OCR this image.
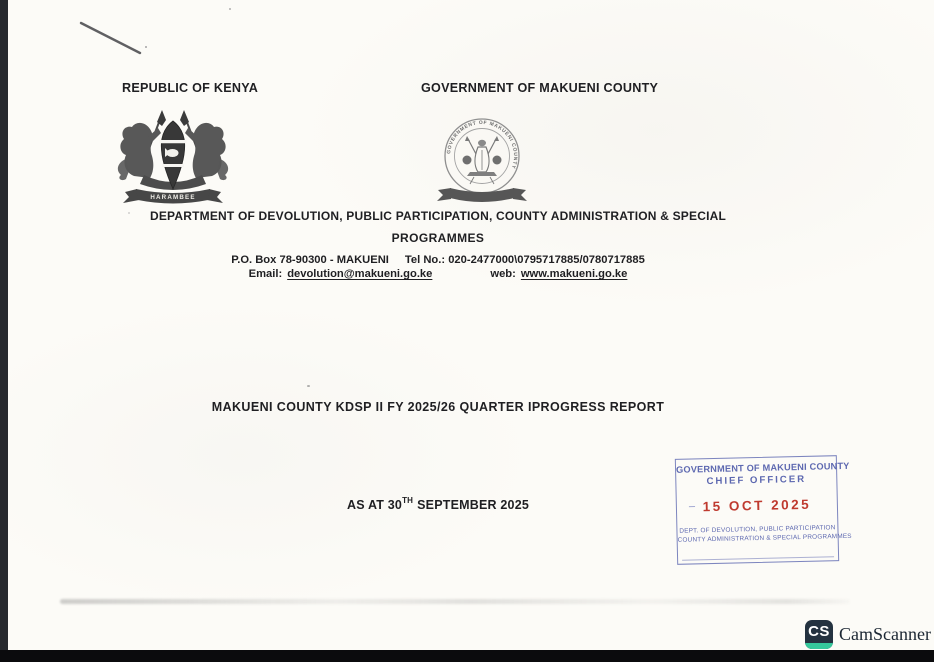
REPUBLIC OF KENYA	GOVERNMENT OF MAKUENI COUNTY
HARAMBEE
GOVERNMENT OF MAKUENI COUNTY
DEPARTMENT OF DEVOLUTION, PUBLIC PARTICIPATION, COUNTY ADMINISTRATION & SPECIAL
PROGRAMMES
P.O. Box 78-90300 - MAKUENI Tel No.: 020-2477000\0795717885/0780717885
Email: devolution@makueni.go.ke	web: www.makueni.go.ke
MAKUENI COUNTY KDSP II FY 2025/26 QUARTER IPROGRESS REPORT
AS AT 30TH SEPTEMBER 2025
GOVERNMENT OF MAKUENI COUNTY
CHIEF OFFICER
– 15 OCT 2025
DEPT. OF DEVOLUTION, PUBLIC PARTICIPATION
COUNTY ADMINISTRATION & SPECIAL PROGRAMMES
CS CamScanner
